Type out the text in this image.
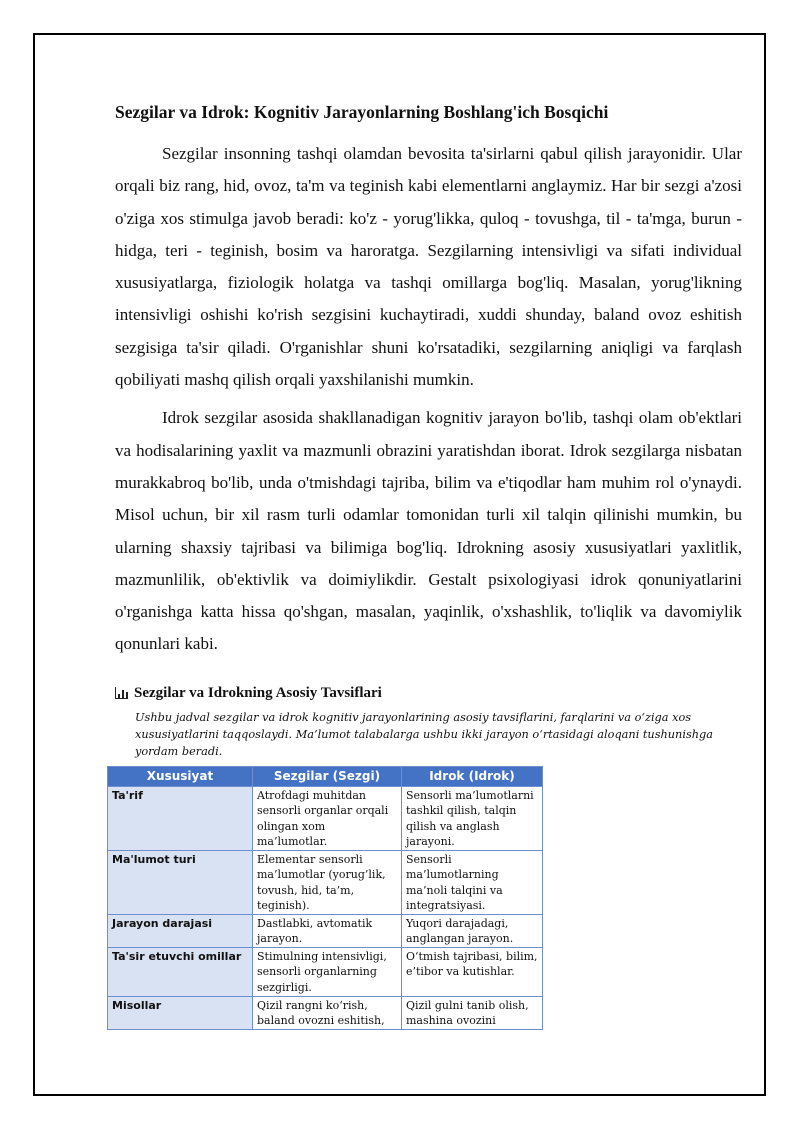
Sezgilar va Idrok: Kognitiv Jarayonlarning Boshlang'ich Bosqichi

Sezgilar insonning tashqi olamdan bevosita ta'sirlarni qabul qilish jarayonidir. Ular orqali biz rang, hid, ovoz, ta'm va teginish kabi elementlarni anglaymiz. Har bir sezgi a'zosi o'ziga xos stimulga javob beradi: ko'z - yorug'likka, quloq - tovushga, til - ta'mga, burun - hidga, teri - teginish, bosim va haroratga. Sezgilarning intensivligi va sifati individual xususiyatlarga, fiziologik holatga va tashqi omillarga bog'liq. Masalan, yorug'likning intensivligi oshishi ko'rish sezgisini kuchaytiradi, xuddi shunday, baland ovoz eshitish sezgisiga ta'sir qiladi. O'rganishlar shuni ko'rsatadiki, sezgilarning aniqligi va farqlash qobiliyati mashq qilish orqali yaxshilanishi mumkin.

Idrok sezgilar asosida shakllanadigan kognitiv jarayon bo'lib, tashqi olam ob'ektlari va hodisalarining yaxlit va mazmunli obrazini yaratishdan iborat. Idrok sezgilarga nisbatan murakkabroq bo'lib, unda o'tmishdagi tajriba, bilim va e'tiqodlar ham muhim rol o'ynaydi. Misol uchun, bir xil rasm turli odamlar tomonidan turli xil talqin qilinishi mumkin, bu ularning shaxsiy tajribasi va bilimiga bog'liq. Idrokning asosiy xususiyatlari yaxlitlik, mazmunlilik, ob'ektivlik va doimiylikdir. Gestalt psixologiyasi idrok qonuniyatlarini o'rganishga katta hissa qo'shgan, masalan, yaqinlik, o'xshashlik, to'liqlik va davomiylik qonunlari kabi.

Sezgilar va Idrokning Asosiy Tavsiflari
Ushbu jadval sezgilar va idrok kognitiv jarayonlarining asosiy tavsiflarini, farqlarini va o‘ziga xos xususiyatlarini taqqoslaydi. Ma’lumot talabalarga ushbu ikki jarayon o‘rtasidagi aloqani tushunishga yordam beradi.
Xususiyat	Sezgilar (Sezgi)	Idrok (Idrok)
Ta'rif	Atrofdagi muhitdan sensorli organlar orqali olingan xom ma’lumotlar.	Sensorli ma’lumotlarni tashkil qilish, talqin qilish va anglash jarayoni.
Ma'lumot turi	Elementar sensorli ma’lumotlar (yorug’lik, tovush, hid, ta’m, teginish).	Sensorli ma’lumotlarning ma’noli talqini va integratsiyasi.
Jarayon darajasi	Dastlabki, avtomatik jarayon.	Yuqori darajadagi, anglangan jarayon.
Ta'sir etuvchi omillar	Stimulning intensivligi, sensorli organlarning sezgirligi.	O‘tmish tajribasi, bilim, e’tibor va kutishlar.
Misollar	Qizil rangni ko‘rish, baland ovozni eshitish,	Qizil gulni tanib olish, mashina ovozini
